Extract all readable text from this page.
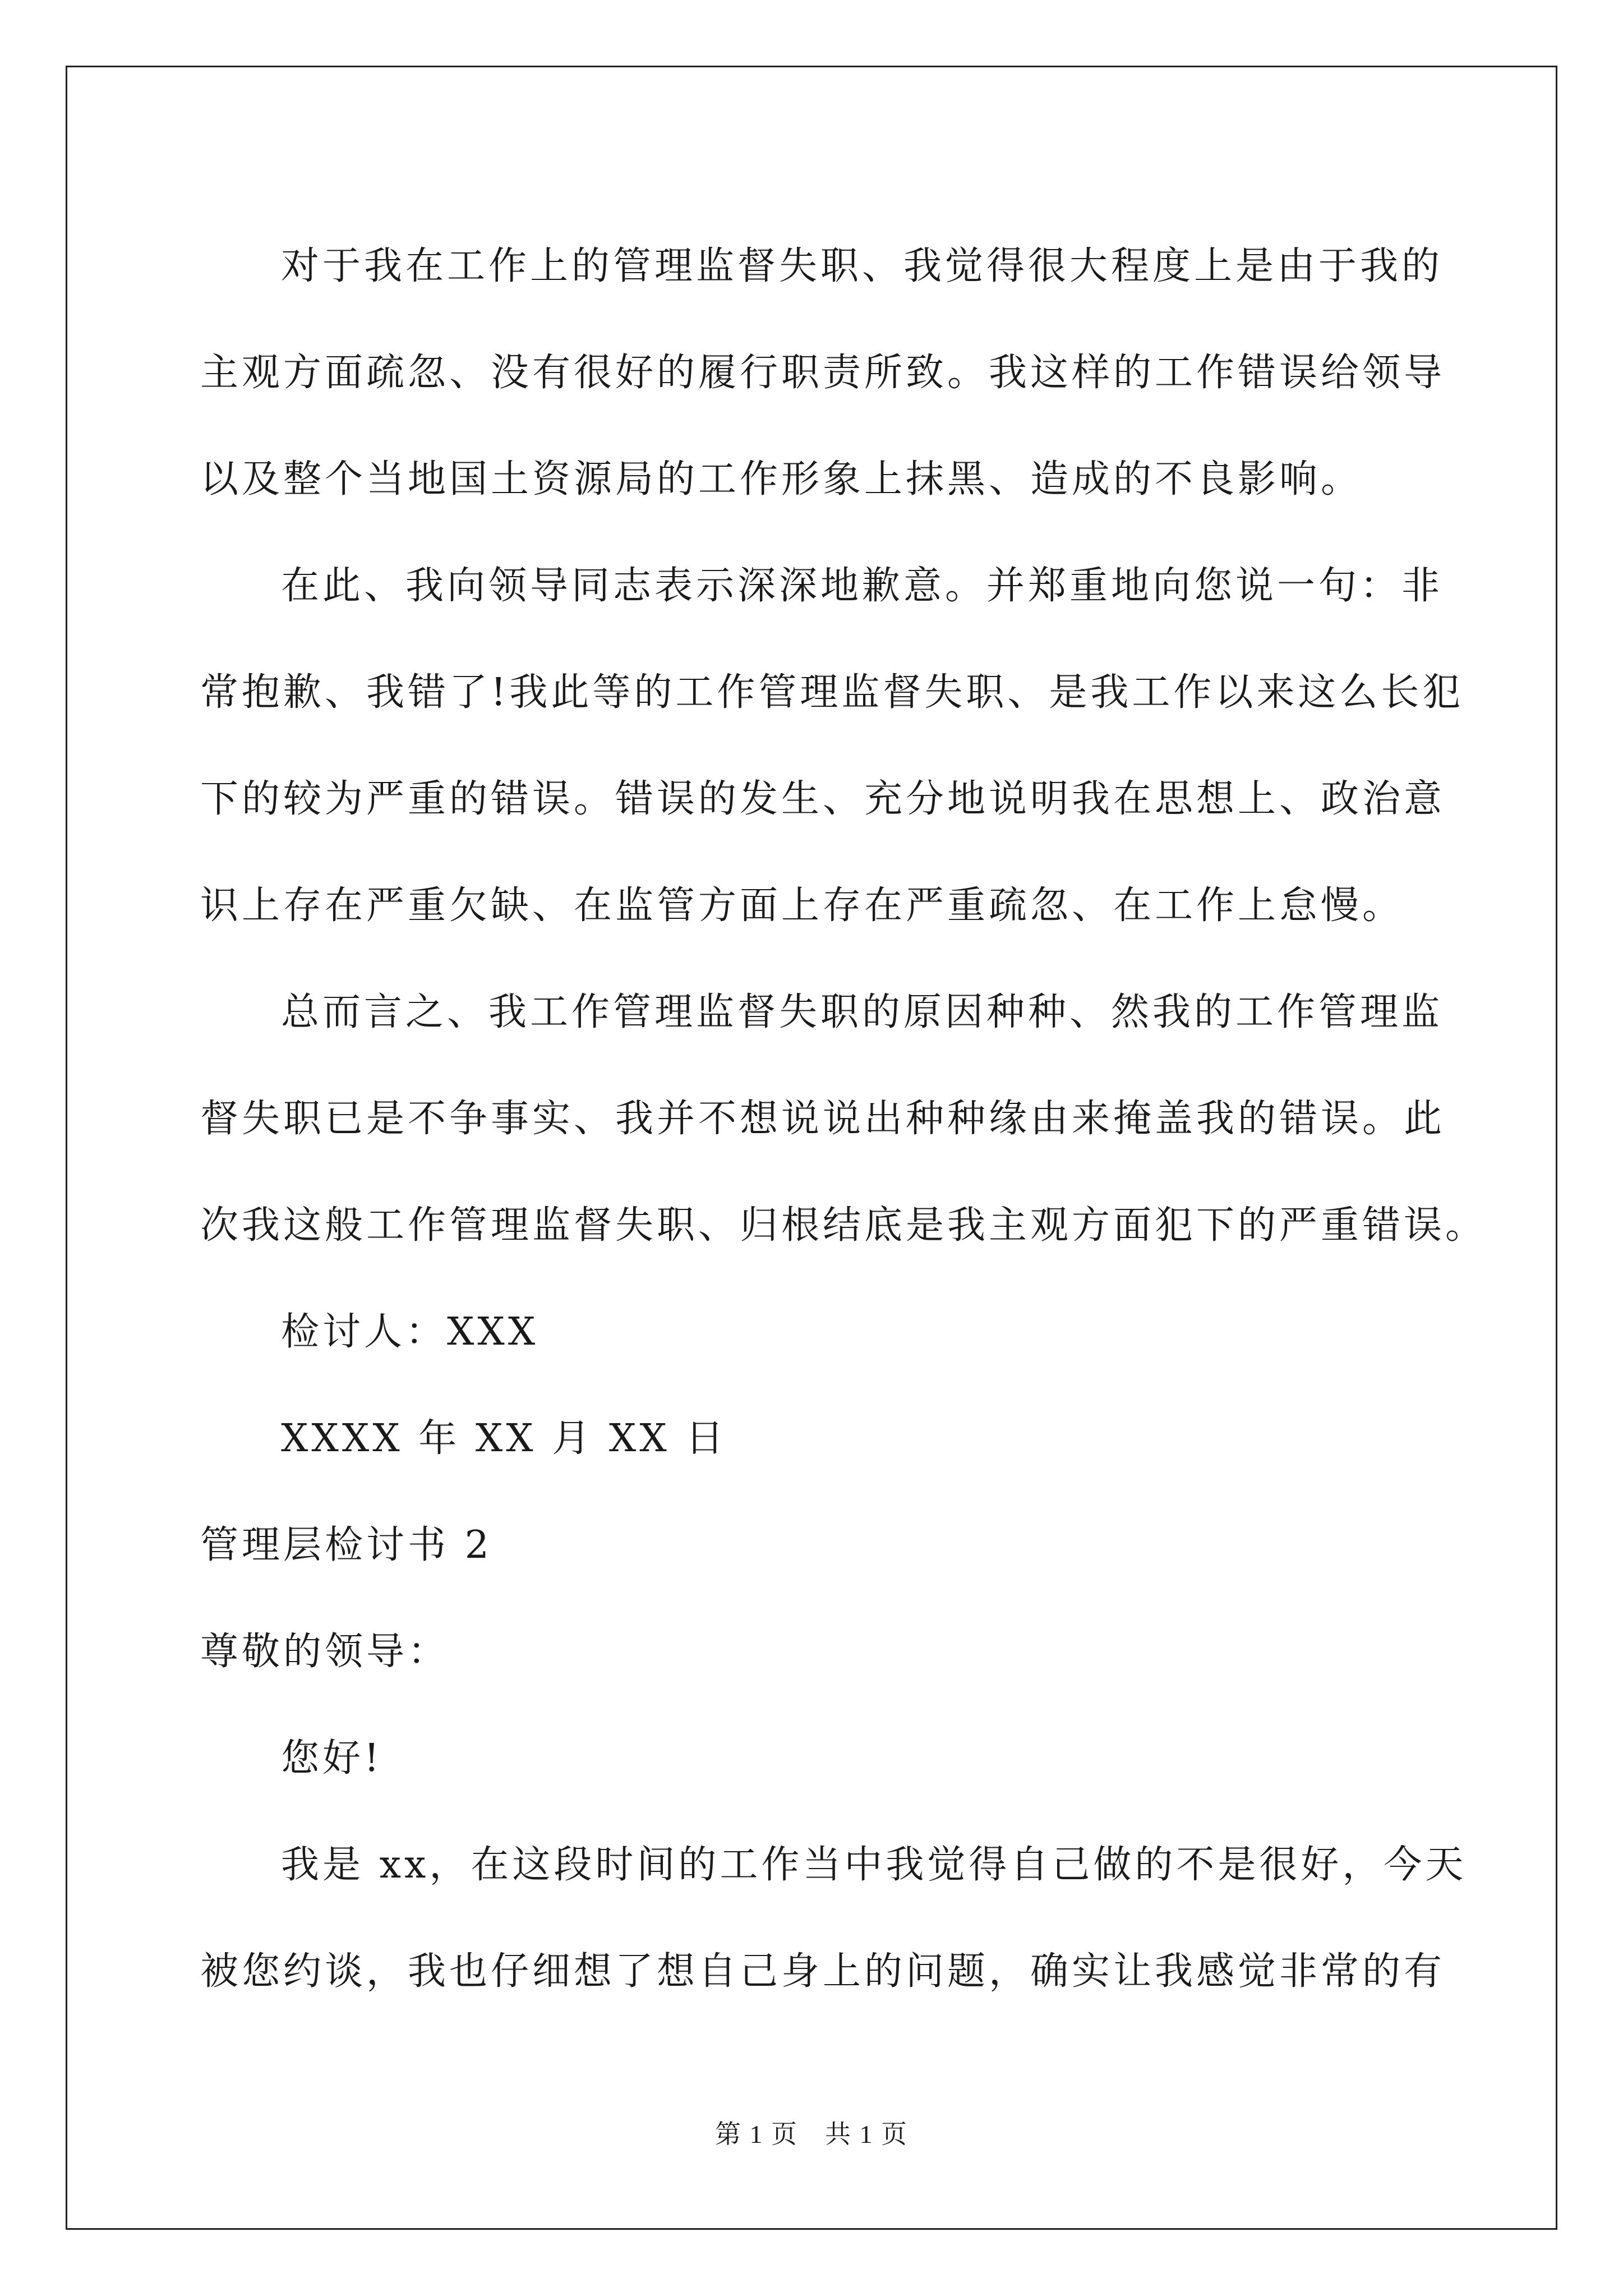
对于我在工作上的管理监督失职、我觉得很大程度上是由于我的
主观方面疏忽、没有很好的履行职责所致。我这样的工作错误给领导
以及整个当地国土资源局的工作形象上抹黑、造成的不良影响。
在此、我向领导同志表示深深地歉意。并郑重地向您说一句：非
常抱歉、我错了!我此等的工作管理监督失职、是我工作以来这么长犯
下的较为严重的错误。错误的发生、充分地说明我在思想上、政治意
识上存在严重欠缺、在监管方面上存在严重疏忽、在工作上怠慢。
总而言之、我工作管理监督失职的原因种种、然我的工作管理监
督失职已是不争事实、我并不想说说出种种缘由来掩盖我的错误。此
次我这般工作管理监督失职、归根结底是我主观方面犯下的严重错误。
检讨人：XXX
XXXX 年 XX 月 XX 日
管理层检讨书 2
尊敬的领导：
您好!
我是 xx，在这段时间的工作当中我觉得自己做的不是很好，今天
被您约谈，我也仔细想了想自己身上的问题，确实让我感觉非常的有
第 1 页　共 1 页
